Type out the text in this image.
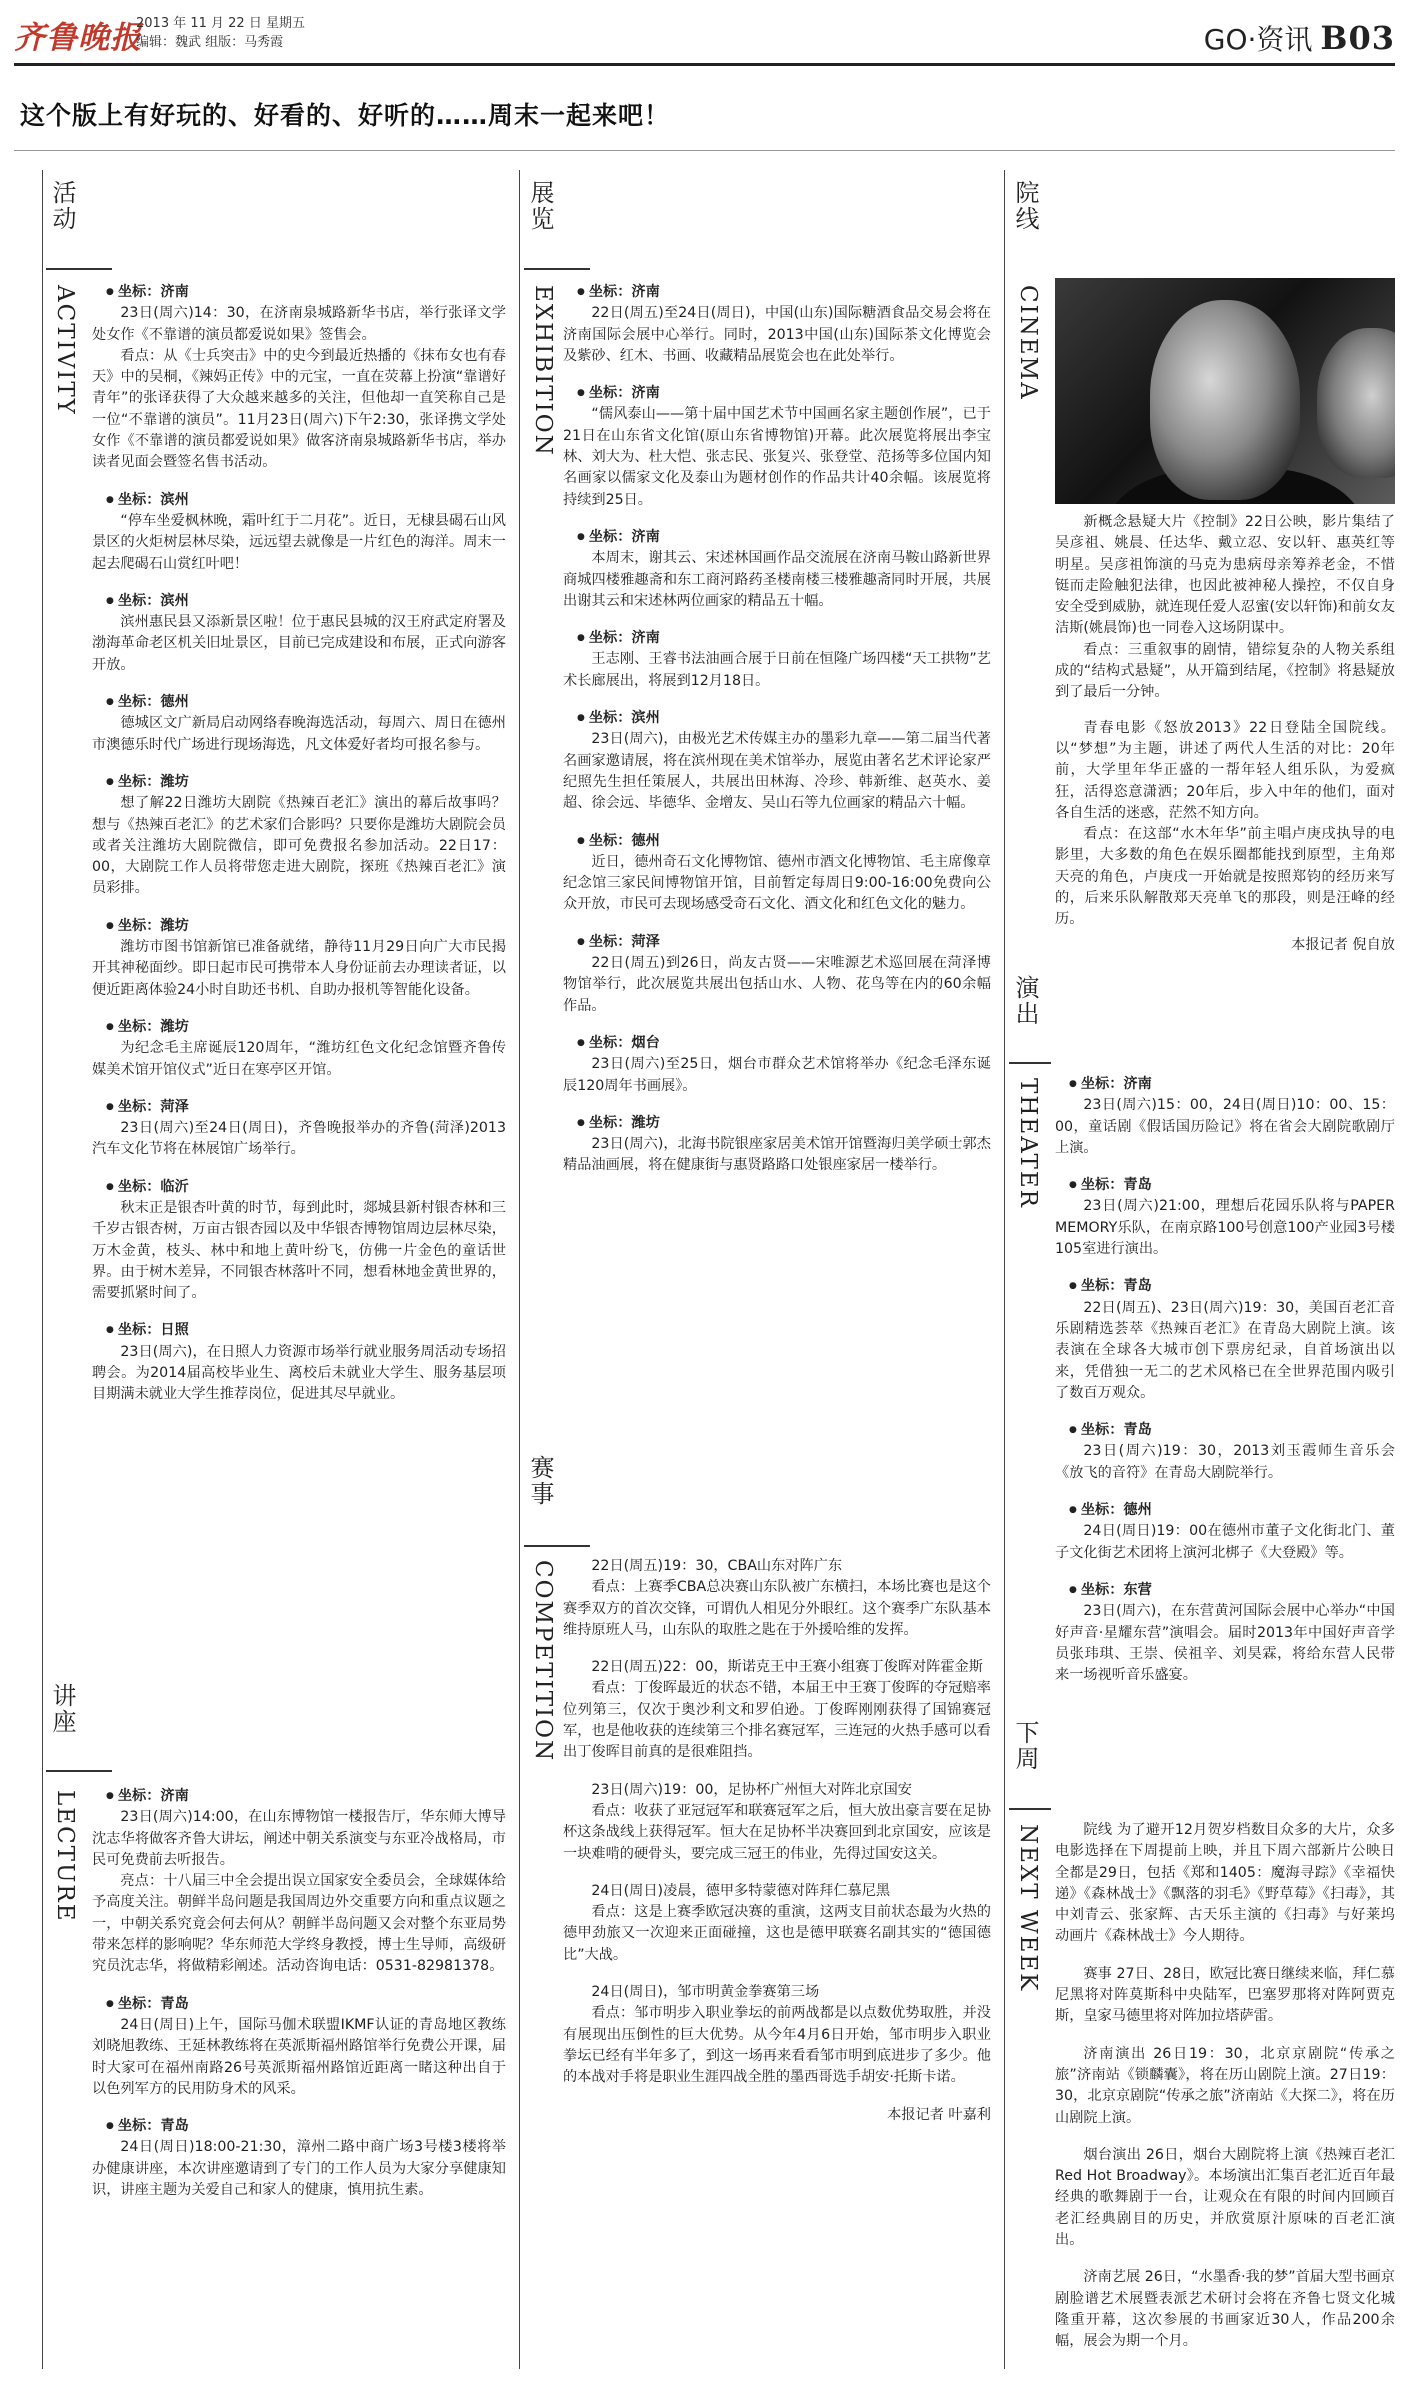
齐鲁晚报
2013 年 11 月 22 日 星期五
编辑：魏武 组版：马秀霞	GO·资讯 B03
这个版上有好玩的、好看的、好听的……周末一起来吧！
活动
ACTIVITY	● 坐标：济南

23日(周六)14：30，在济南泉城路新华书店，举行张译文学处女作《不靠谱的演员都爱说如果》签售会。

看点：从《士兵突击》中的史今到最近热播的《抹布女也有春天》中的吴桐，《辣妈正传》中的元宝，一直在荧幕上扮演“靠谱好青年”的张译获得了大众越来越多的关注，但他却一直笑称自己是一位“不靠谱的演员”。11月23日(周六)下午2:30，张译携文学处女作《不靠谱的演员都爱说如果》做客济南泉城路新华书店，举办读者见面会暨签名售书活动。

● 坐标：滨州

“停车坐爱枫林晚，霜叶红于二月花”。近日，无棣县碣石山风景区的火炬树层林尽染，远远望去就像是一片红色的海洋。周末一起去爬碣石山赏红叶吧！

● 坐标：滨州

滨州惠民县又添新景区啦！位于惠民县城的汉王府武定府署及渤海革命老区机关旧址景区，目前已完成建设和布展，正式向游客开放。

● 坐标：德州

德城区文广新局启动网络春晚海选活动，每周六、周日在德州市澳德乐时代广场进行现场海选，凡文体爱好者均可报名参与。

● 坐标：潍坊

想了解22日潍坊大剧院《热辣百老汇》演出的幕后故事吗？想与《热辣百老汇》的艺术家们合影吗？只要你是潍坊大剧院会员或者关注潍坊大剧院微信，即可免费报名参加活动。22日17：00，大剧院工作人员将带您走进大剧院，探班《热辣百老汇》演员彩排。

● 坐标：潍坊

潍坊市图书馆新馆已准备就绪，静待11月29日向广大市民揭开其神秘面纱。即日起市民可携带本人身份证前去办理读者证，以便近距离体验24小时自助还书机、自助办报机等智能化设备。

● 坐标：潍坊

为纪念毛主席诞辰120周年，“潍坊红色文化纪念馆暨齐鲁传媒美术馆开馆仪式”近日在寒亭区开馆。

● 坐标：菏泽

23日(周六)至24日(周日)，齐鲁晚报举办的齐鲁(菏泽)2013汽车文化节将在林展馆广场举行。

● 坐标：临沂

秋末正是银杏叶黄的时节，每到此时，郯城县新村银杏林和三千岁古银杏树，万亩古银杏园以及中华银杏博物馆周边层林尽染，万木金黄，枝头、林中和地上黄叶纷飞，仿佛一片金色的童话世界。由于树木差异，不同银杏林落叶不同，想看林地金黄世界的，需要抓紧时间了。

● 坐标：日照

23日(周六)，在日照人力资源市场举行就业服务周活动专场招聘会。为2014届高校毕业生、离校后未就业大学生、服务基层项目期满未就业大学生推荐岗位，促进其尽早就业。

讲座
LECTURE	● 坐标：济南

23日(周六)14:00，在山东博物馆一楼报告厅，华东师大博导沈志华将做客齐鲁大讲坛，阐述中朝关系演变与东亚冷战格局，市民可免费前去听报告。

亮点：十八届三中全会提出误立国家安全委员会，全球媒体给予高度关注。朝鲜半岛问题是我国周边外交重要方向和重点议题之一，中朝关系究竟会何去何从？朝鲜半岛问题又会对整个东亚局势带来怎样的影响呢？华东师范大学终身教授，博士生导师，高级研究员沈志华，将做精彩阐述。活动咨询电话：0531-82981378。

● 坐标：青岛

24日(周日)上午，国际马伽术联盟IKMF认证的青岛地区教练刘晓旭教练、王延林教练将在英派斯福州路馆举行免费公开课，届时大家可在福州南路26号英派斯福州路馆近距离一睹这种出自于以色列军方的民用防身术的风采。

● 坐标：青岛

24日(周日)18:00-21:30，漳州二路中商广场3号楼3楼将举办健康讲座，本次讲座邀请到了专门的工作人员为大家分享健康知识，讲座主题为关爱自己和家人的健康，慎用抗生素。

展览
EXHIBITION	● 坐标：济南

22日(周五)至24日(周日)，中国(山东)国际糖酒食品交易会将在济南国际会展中心举行。同时，2013中国(山东)国际茶文化博览会及紫砂、红木、书画、收藏精品展览会也在此处举行。

● 坐标：济南

“儒风泰山——第十届中国艺术节中国画名家主题创作展”，已于21日在山东省文化馆(原山东省博物馆)开幕。此次展览将展出李宝林、刘大为、杜大恺、张志民、张复兴、张登堂、范扬等多位国内知名画家以儒家文化及泰山为题材创作的作品共计40余幅。该展览将持续到25日。

● 坐标：济南

本周末，谢其云、宋述林国画作品交流展在济南马鞍山路新世界商城四楼雅趣斋和东工商河路药圣楼南楼三楼雅趣斋同时开展，共展出谢其云和宋述林两位画家的精品五十幅。

● 坐标：济南

王志刚、王睿书法油画合展于日前在恒隆广场四楼“天工拱物”艺术长廊展出，将展到12月18日。

● 坐标：滨州

23日(周六)，由极光艺术传媒主办的墨彩九章——第二届当代著名画家邀请展，将在滨州现在美术馆举办，展览由著名艺术评论家严纪照先生担任策展人，共展出田林海、冷珍、韩新维、赵英水、姜超、徐会远、毕德华、金增友、吴山石等九位画家的精品六十幅。

● 坐标：德州

近日，德州奇石文化博物馆、德州市酒文化博物馆、毛主席像章纪念馆三家民间博物馆开馆，目前暂定每周日9:00-16:00免费向公众开放，市民可去现场感受奇石文化、酒文化和红色文化的魅力。

● 坐标：菏泽

22日(周五)到26日，尚友古贤——宋唯源艺术巡回展在菏泽博物馆举行，此次展览共展出包括山水、人物、花鸟等在内的60余幅作品。

● 坐标：烟台

23日(周六)至25日，烟台市群众艺术馆将举办《纪念毛泽东诞辰120周年书画展》。

● 坐标：潍坊

23日(周六)，北海书院银座家居美术馆开馆暨海归美学硕士郭杰精品油画展，将在健康街与惠贤路路口处银座家居一楼举行。

赛事
COMPETITION	22日(周五)19：30，CBA山东对阵广东

看点：上赛季CBA总决赛山东队被广东横扫，本场比赛也是这个赛季双方的首次交锋，可谓仇人相见分外眼红。这个赛季广东队基本维持原班人马，山东队的取胜之匙在于外援哈维的发挥。

22日(周五)22：00，斯诺克王中王赛小组赛丁俊晖对阵霍金斯

看点：丁俊晖最近的状态不错，本届王中王赛丁俊晖的夺冠赔率位列第三，仅次于奥沙利文和罗伯逊。丁俊晖刚刚获得了国锦赛冠军，也是他收获的连续第三个排名赛冠军，三连冠的火热手感可以看出丁俊晖目前真的是很难阻挡。

23日(周六)19：00，足协杯广州恒大对阵北京国安

看点：收获了亚冠冠军和联赛冠军之后，恒大放出豪言要在足协杯这条战线上获得冠军。恒大在足协杯半决赛回到北京国安，应该是一块难啃的硬骨头，要完成三冠王的伟业，先得过国安这关。

24日(周日)凌晨，德甲多特蒙德对阵拜仁慕尼黑

看点：这是上赛季欧冠决赛的重演，这两支目前状态最为火热的德甲劲旅又一次迎来正面碰撞，这也是德甲联赛名副其实的“德国德比”大战。

24日(周日)，邹市明黄金拳赛第三场

看点：邹市明步入职业拳坛的前两战都是以点数优势取胜，并没有展现出压倒性的巨大优势。从今年4月6日开始，邹市明步入职业拳坛已经有半年多了，到这一场再来看看邹市明到底进步了多少。他的本战对手将是职业生涯四战全胜的墨西哥选手胡安·托斯卡诺。

本报记者 叶嘉利
院线
CINEMA

新概念悬疑大片《控制》22日公映，影片集结了吴彦祖、姚晨、任达华、戴立忍、安以轩、惠英红等明星。吴彦祖饰演的马克为患病母亲筹养老金，不惜铤而走险触犯法律，也因此被神秘人操控，不仅自身安全受到威胁，就连现任爱人忍蜜(安以轩饰)和前女友洁斯(姚晨饰)也一同卷入这场阴谋中。

看点：三重叙事的剧情，错综复杂的人物关系组成的“结构式悬疑”，从开篇到结尾，《控制》将悬疑放到了最后一分钟。

青春电影《怒放2013》22日登陆全国院线。以“梦想”为主题，讲述了两代人生活的对比：20年前，大学里年华正盛的一帮年轻人组乐队，为爱疯狂，活得恣意潇洒；20年后，步入中年的他们，面对各自生活的迷惑，茫然不知方向。

看点：在这部“水木年华”前主唱卢庚戌执导的电影里，大多数的角色在娱乐圈都能找到原型，主角郑天亮的角色，卢庚戌一开始就是按照郑钧的经历来写的，后来乐队解散郑天亮单飞的那段，则是汪峰的经历。

本报记者 倪自放
演出
THEATER	● 坐标：济南

23日(周六)15：00，24日(周日)10：00、15：00，童话剧《假话国历险记》将在省会大剧院歌剧厅上演。

● 坐标：青岛

23日(周六)21:00，理想后花园乐队将与PAPER MEMORY乐队，在南京路100号创意100产业园3号楼105室进行演出。

● 坐标：青岛

22日(周五)、23日(周六)19：30，美国百老汇音乐剧精选荟萃《热辣百老汇》在青岛大剧院上演。该表演在全球各大城市创下票房纪录，自首场演出以来，凭借独一无二的艺术风格已在全世界范围内吸引了数百万观众。

● 坐标：青岛

23日(周六)19：30，2013刘玉霞师生音乐会《放飞的音符》在青岛大剧院举行。

● 坐标：德州

24日(周日)19：00在德州市董子文化街北门、董子文化街艺术团将上演河北梆子《大登殿》等。

● 坐标：东营

23日(周六)，在东营黄河国际会展中心举办“中国好声音·星耀东营”演唱会。届时2013年中国好声音学员张玮琪、王崇、侯祖辛、刘昊霖，将给东营人民带来一场视听音乐盛宴。

下周
NEXT WEEK	院线 为了避开12月贺岁档数目众多的大片，众多电影选择在下周提前上映，并且下周六部新片公映日全都是29日，包括《郑和1405：魔海寻踪》《幸福快递》《森林战士》《飘落的羽毛》《野草莓》《扫毒》，其中刘青云、张家辉、古天乐主演的《扫毒》与好莱坞动画片《森林战士》今人期待。

赛事 27日、28日，欧冠比赛日继续来临，拜仁慕尼黑将对阵莫斯科中央陆军，巴塞罗那将对阵阿贾克斯，皇家马德里将对阵加拉塔萨雷。

济南演出 26日19：30，北京京剧院“传承之旅”济南站《锁麟囊》，将在历山剧院上演。27日19：30，北京京剧院“传承之旅”济南站《大探二》，将在历山剧院上演。

烟台演出 26日，烟台大剧院将上演《热辣百老汇 Red Hot Broadway》。本场演出汇集百老汇近百年最经典的歌舞剧于一台，让观众在有限的时间内回顾百老汇经典剧目的历史，并欣赏原汁原味的百老汇演出。

济南艺展 26日，“水墨香·我的梦”首届大型书画京剧脸谱艺术展暨表派艺术研讨会将在齐鲁七贤文化城隆重开幕，这次参展的书画家近30人，作品200余幅，展会为期一个月。
